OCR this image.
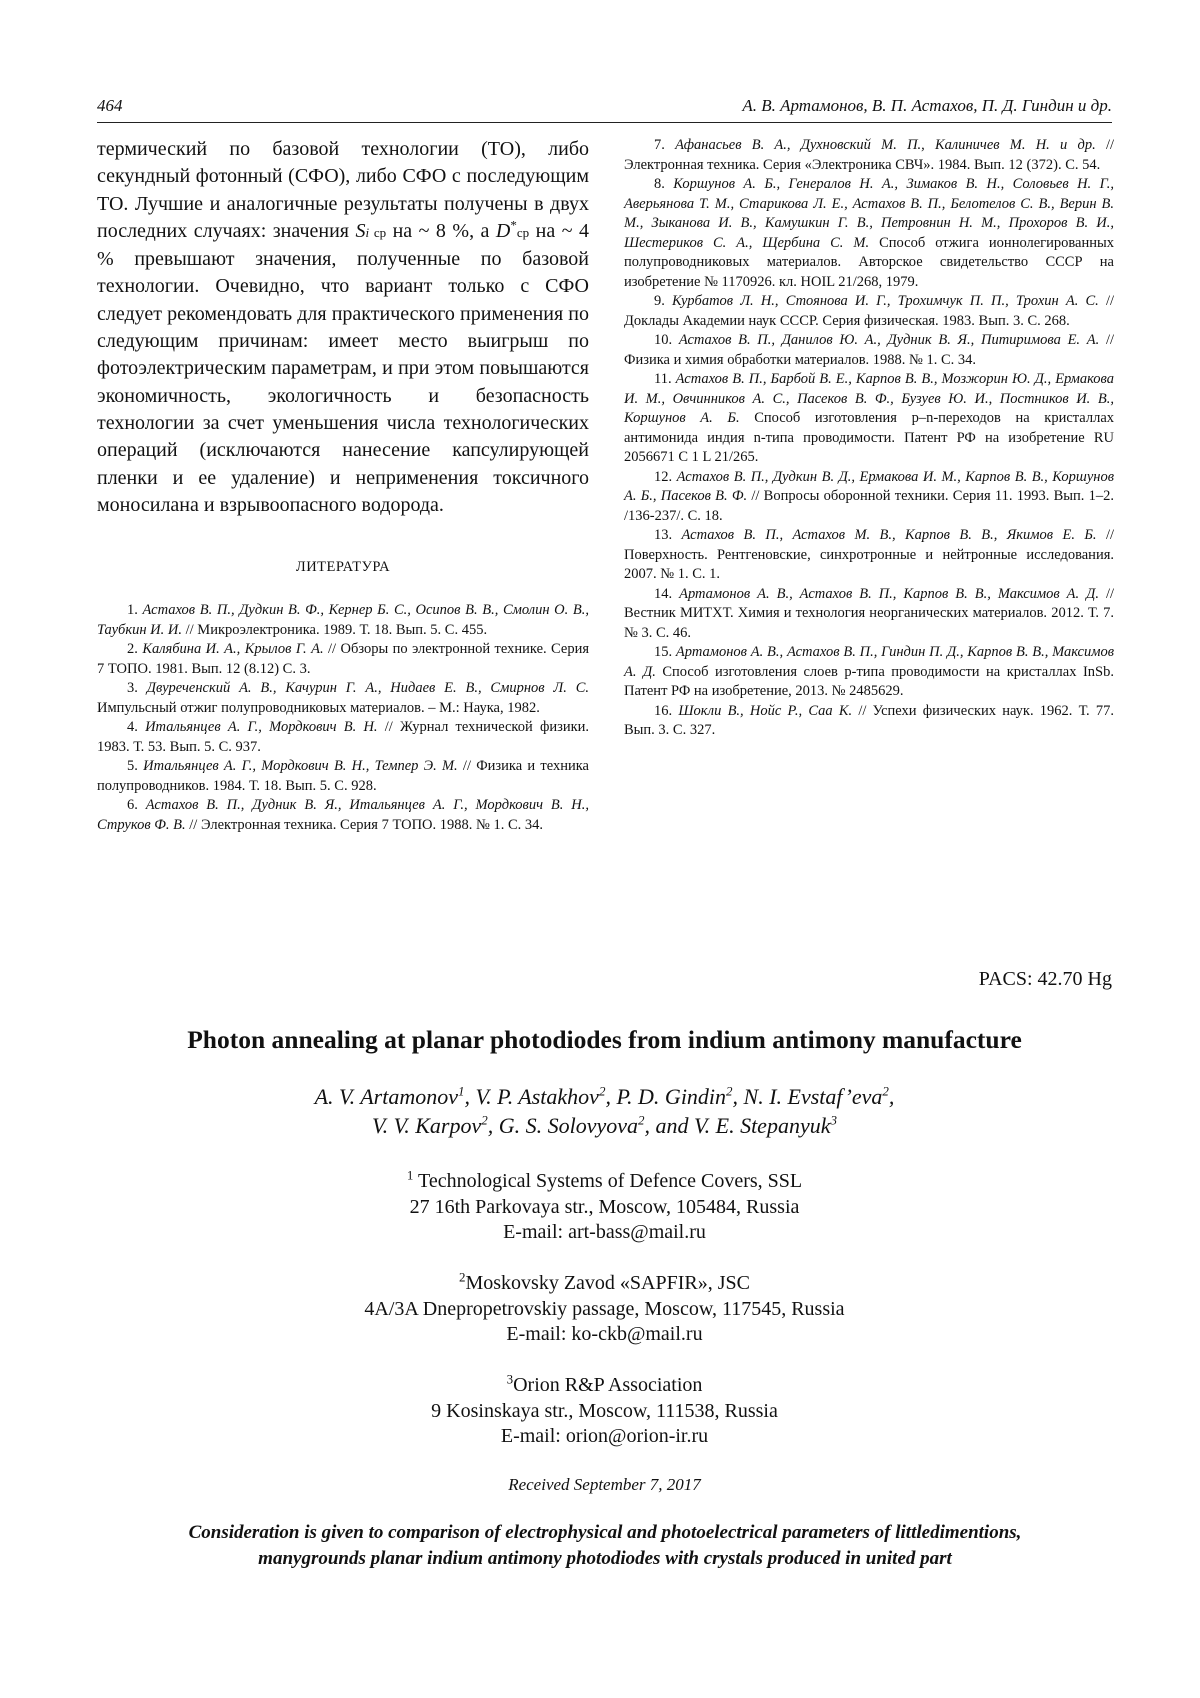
464	А. В. Артамонов, В. П. Астахов, П. Д. Гиндин и др.

термический по базовой технологии (ТО), либо секундный фотонный (СФО), либо СФО с последующим ТО. Лучшие и аналогичные результаты получены в двух последних случаях: значения Si ср на ~ 8 %, а D*ср на ~ 4 % превышают значения, полученные по базовой технологии. Очевидно, что вариант только с СФО следует рекомендовать для практического применения по следующим причинам: имеет место выигрыш по фотоэлектрическим параметрам, и при этом повышаются экономичность, экологичность и безопасность технологии за счет уменьшения числа технологических операций (исключаются нанесение капсулирующей пленки и ее удаление) и неприменения токсичного моносилана и взрывоопасного водорода.

ЛИТЕРАТУРА

1. Астахов В. П., Дудкин В. Ф., Кернер Б. С., Осипов В. В., Смолин О. В., Таубкин И. И. // Микроэлектроника. 1989. Т. 18. Вып. 5. С. 455.

2. Калябина И. А., Крылов Г. А. // Обзоры по электронной технике. Серия 7 ТОПО. 1981. Вып. 12 (8.12) С. 3.

3. Двуреченский А. В., Качурин Г. А., Нидаев Е. В., Смирнов Л. С. Импульсный отжиг полупроводниковых материалов. – М.: Наука, 1982.

4. Итальянцев А. Г., Мордкович В. Н. // Журнал технической физики. 1983. Т. 53. Вып. 5. С. 937.

5. Итальянцев А. Г., Мордкович В. Н., Темпер Э. М. // Физика и техника полупроводников. 1984. Т. 18. Вып. 5. С. 928.

6. Астахов В. П., Дудник В. Я., Итальянцев А. Г., Мордкович В. Н., Струков Ф. В. // Электронная техника. Серия 7 ТОПО. 1988. № 1. С. 34.

7. Афанасьев В. А., Духновский М. П., Калиничев М. Н. и др. // Электронная техника. Серия «Электроника СВЧ». 1984. Вып. 12 (372). С. 54.

8. Коршунов А. Б., Генералов Н. А., Зимаков В. Н., Соловьев Н. Г., Аверьянова Т. М., Старикова Л. Е., Астахов В. П., Белотелов С. В., Верин В. М., Зыканова И. В., Камушкин Г. В., Петровнин Н. М., Прохоров В. И., Шестериков С. А., Щербина С. М. Способ отжига ионнолегированных полупроводниковых материалов. Авторское свидетельство СССР на изобретение № 1170926. кл. HOIL 21/268, 1979.

9. Курбатов Л. Н., Стоянова И. Г., Трохимчук П. П., Трохин А. С. // Доклады Академии наук СССР. Серия физическая. 1983. Вып. 3. С. 268.

10. Астахов В. П., Данилов Ю. А., Дудник В. Я., Питиримова Е. А. // Физика и химия обработки материалов. 1988. № 1. С. 34.

11. Астахов В. П., Барбой В. Е., Карпов В. В., Мозжорин Ю. Д., Ермакова И. М., Овчинников А. С., Пасеков В. Ф., Бузуев Ю. И., Постников И. В., Коршунов А. Б. Способ изготовления p–n-переходов на кристаллах антимонида индия n-типа проводимости. Патент РФ на изобретение RU 2056671 С 1 L 21/265.

12. Астахов В. П., Дудкин В. Д., Ермакова И. М., Карпов В. В., Коршунов А. Б., Пасеков В. Ф. // Вопросы оборонной техники. Серия 11. 1993. Вып. 1–2. /136-237/. С. 18.

13. Астахов В. П., Астахов М. В., Карпов В. В., Якимов Е. Б. // Поверхность. Рентгеновские, синхротронные и нейтронные исследования. 2007. № 1. С. 1.

14. Артамонов А. В., Астахов В. П., Карпов В. В., Максимов А. Д. // Вестник МИТХТ. Химия и технология неорганических материалов. 2012. Т. 7. № 3. С. 46.

15. Артамонов А. В., Астахов В. П., Гиндин П. Д., Карпов В. В., Максимов А. Д. Способ изготовления слоев p-типа проводимости на кристаллах InSb. Патент РФ на изобретение, 2013. № 2485629.

16. Шокли В., Нойс Р., Саа К. // Успехи физических наук. 1962. Т. 77. Вып. 3. С. 327.

PACS: 42.70 Hg
Photon annealing at planar photodiodes from indium antimony manufacture
A. V. Artamonov$^1$, V. P. Astakhov$^2$, P. D. Gindin$^2$, N. I. Evstaf’eva$^2$,
V. V. Karpov$^2$, G. S. Solovyova$^2$, and V. E. Stepanyuk$^3$
$^1$ Technological Systems of Defence Covers, SSL
27 16th Parkovaya str., Moscow, 105484, Russia
E-mail: art-bass@mail.ru
$^2$Moskovsky Zavod «SAPFIR», JSC
4A/3A Dnepropetrovskiy passage, Moscow, 117545, Russia
E-mail: ko-ckb@mail.ru
$^3$Orion R&P Association
9 Kosinskaya str., Moscow, 111538, Russia
E-mail: orion@orion-ir.ru
Received September 7, 2017
Consideration is given to comparison of electrophysical and photoelectrical parameters of littledimentions, manygrounds planar indium antimony photodiodes with crystals produced in united part
